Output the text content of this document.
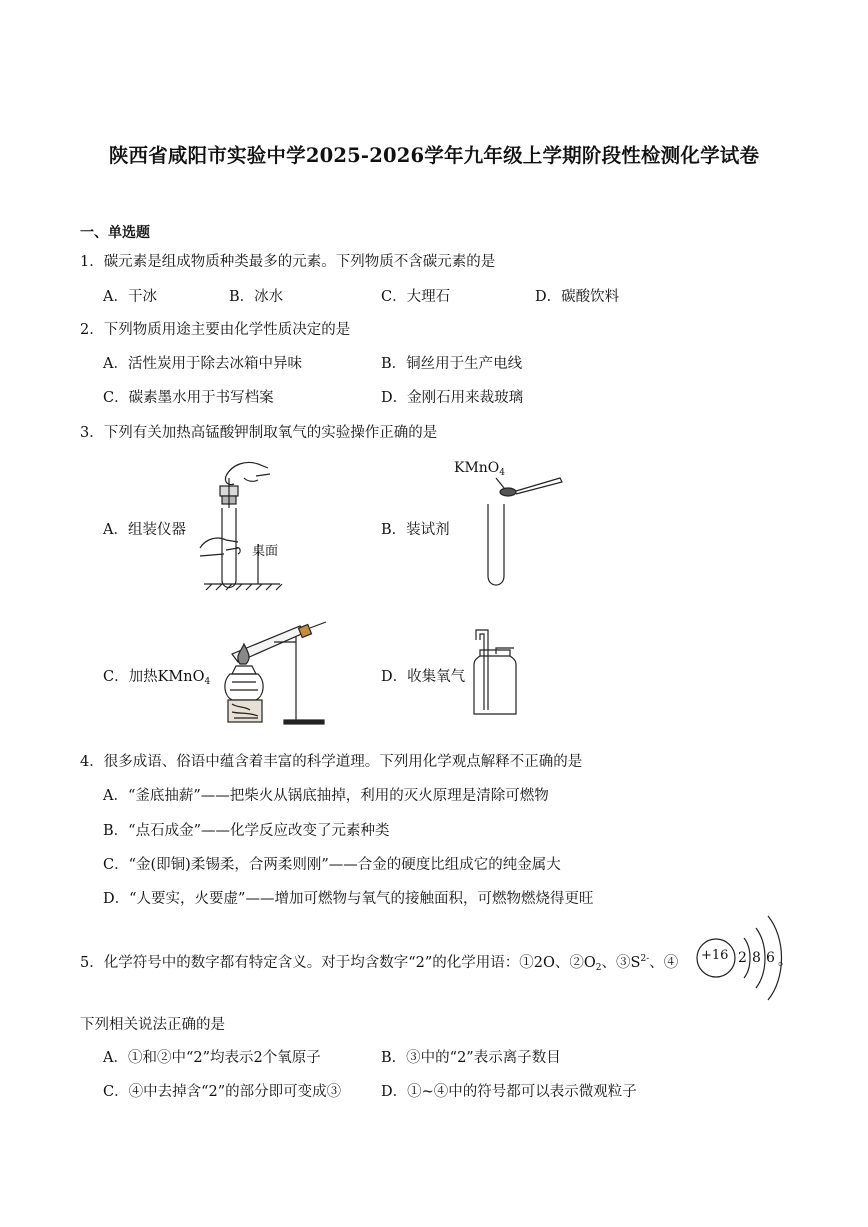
陕西省咸阳市实验中学2025-2026学年九年级上学期阶段性检测化学试卷
一、单选题
1．碳元素是组成物质种类最多的元素。下列物质不含碳元素的是
A．干冰	B．冰水	C．大理石	D．碳酸饮料
2．下列物质用途主要由化学性质决定的是
A．活性炭用于除去冰箱中异味	B．铜丝用于生产电线
C．碳素墨水用于书写档案	D．金刚石用来裁玻璃
3．下列有关加热高锰酸钾制取氧气的实验操作正确的是
A．组装仪器
桌面
B．装试剂
KMnO$_4$
C．加热KMnO$_4$	D．收集氧气
4．很多成语、俗语中蕴含着丰富的科学道理。下列用化学观点解释不正确的是
A．“釜底抽薪”——把柴火从锅底抽掉，利用的灭火原理是清除可燃物
B．“点石成金”——化学反应改变了元素种类
C．“金(即铜)柔锡柔，合两柔则刚”——合金的硬度比组成它的纯金属大
D．“人要实，火要虚”——增加可燃物与氧气的接触面积，可燃物燃烧得更旺
5．化学符号中的数字都有特定含义。对于均含数字“2”的化学用语：①2O、$②O_2$、$③S^{2-}$、④ +16 2 8 6 。
下列相关说法正确的是
A．①和②中“2”均表示2个氧原子	B．③中的“2”表示离子数目
C．④中去掉含“2”的部分即可变成③	D．①~④中的符号都可以表示微观粒子
